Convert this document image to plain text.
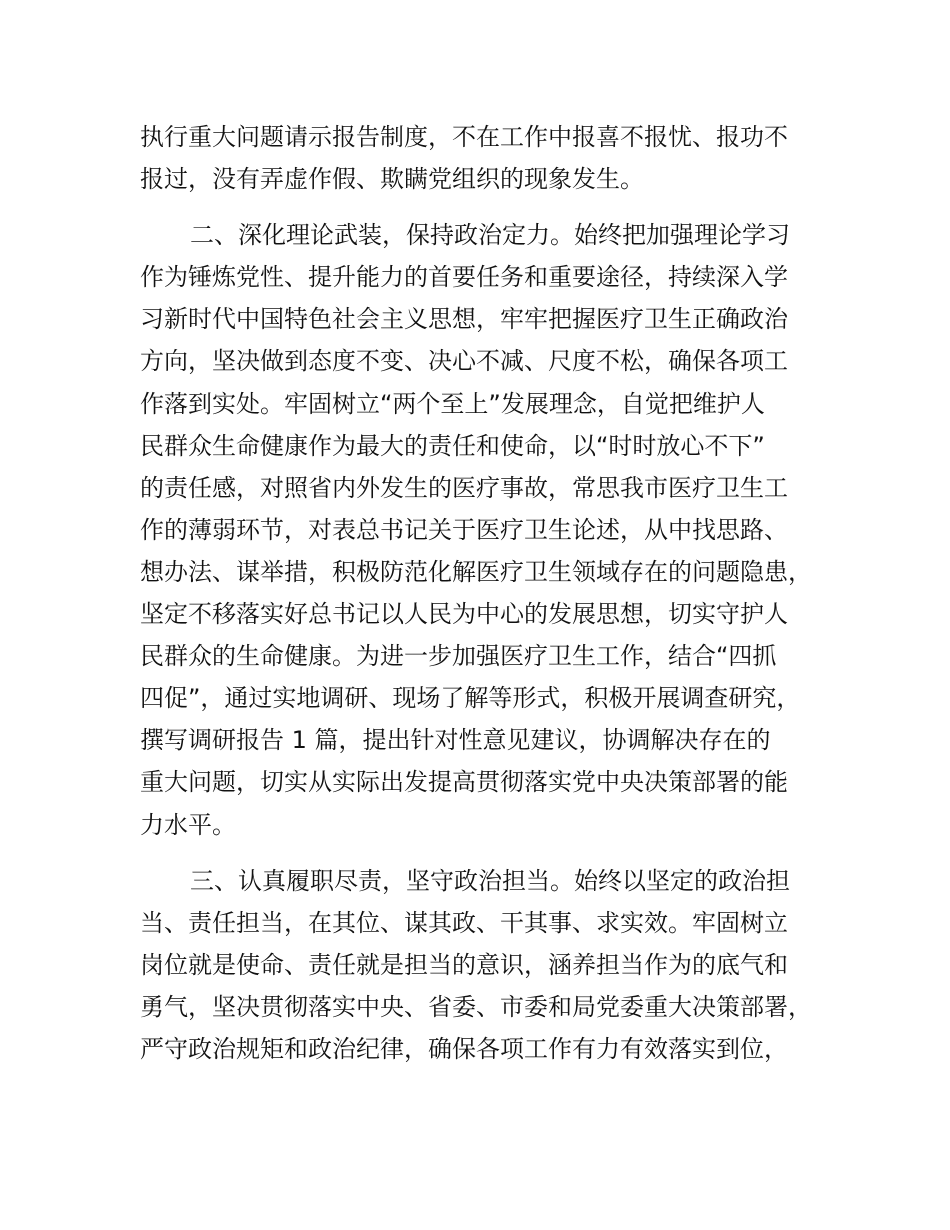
执行重大问题请示报告制度，不在工作中报喜不报忧、报功不
报过，没有弄虚作假、欺瞒党组织的现象发生。
二、深化理论武装，保持政治定力。始终把加强理论学习
作为锤炼党性、提升能力的首要任务和重要途径，持续深入学
习新时代中国特色社会主义思想，牢牢把握医疗卫生正确政治
方向，坚决做到态度不变、决心不减、尺度不松，确保各项工
作落到实处。牢固树立“两个至上”发展理念，自觉把维护人
民群众生命健康作为最大的责任和使命，以“时时放心不下”
的责任感，对照省内外发生的医疗事故，常思我市医疗卫生工
作的薄弱环节，对表总书记关于医疗卫生论述，从中找思路、
想办法、谋举措，积极防范化解医疗卫生领域存在的问题隐患，
坚定不移落实好总书记以人民为中心的发展思想，切实守护人
民群众的生命健康。为进一步加强医疗卫生工作，结合“四抓
四促”，通过实地调研、现场了解等形式，积极开展调查研究，
撰写调研报告 1 篇，提出针对性意见建议，协调解决存在的
重大问题，切实从实际出发提高贯彻落实党中央决策部署的能
力水平。
三、认真履职尽责，坚守政治担当。始终以坚定的政治担
当、责任担当，在其位、谋其政、干其事、求实效。牢固树立
岗位就是使命、责任就是担当的意识，涵养担当作为的底气和
勇气，坚决贯彻落实中央、省委、市委和局党委重大决策部署，
严守政治规矩和政治纪律，确保各项工作有力有效落实到位，
